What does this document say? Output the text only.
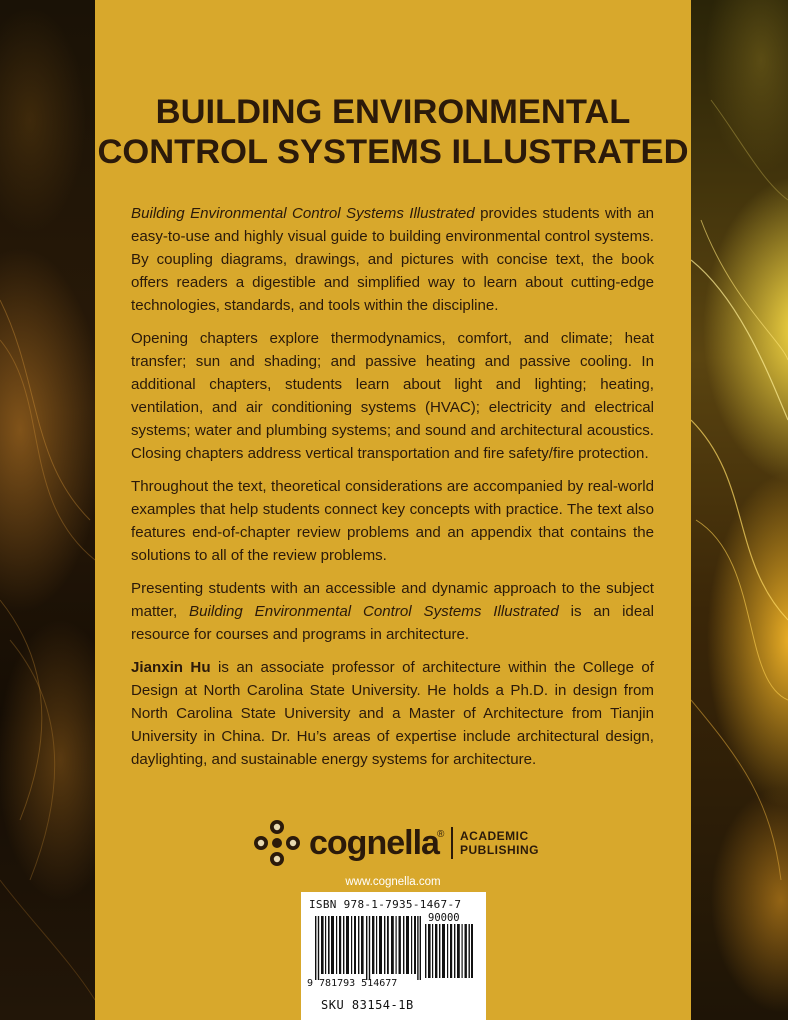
BUILDING ENVIRONMENTAL
CONTROL SYSTEMS ILLUSTRATED

Building Environmental Control Systems Illustrated provides students with an easy-to-use and highly visual guide to building environmental control systems. By coupling diagrams, drawings, and pictures with concise text, the book offers readers a digestible and simplified way to learn about cutting-edge technologies, standards, and tools within the discipline.

Opening chapters explore thermodynamics, comfort, and climate; heat transfer; sun and shading; and passive heating and passive cooling. In additional chapters, students learn about light and lighting; heating, ventilation, and air conditioning systems (HVAC); electricity and electrical systems; water and plumbing systems; and sound and architectural acoustics. Closing chapters address vertical transportation and fire safety/fire protection.

Throughout the text, theoretical considerations are accompanied by real-world examples that help students connect key concepts with practice. The text also features end-of-chapter review problems and an appendix that contains the solutions to all of the review problems.

Presenting students with an accessible and dynamic approach to the subject matter, Building Environmental Control Systems Illustrated is an ideal resource for courses and programs in architecture.

Jianxin Hu is an associate professor of architecture within the College of Design at North Carolina State University. He holds a Ph.D. in design from North Carolina State University and a Master of Architecture from Tianjin University in China. Dr. Hu’s areas of expertise include architectural design, daylighting, and sustainable energy systems for architecture.

cognella
® ACADEMIC
PUBLISHING
www.cognella.com
ISBN 978-1-7935-1467-7
90000
9 781793 514677
SKU 83154-1B
